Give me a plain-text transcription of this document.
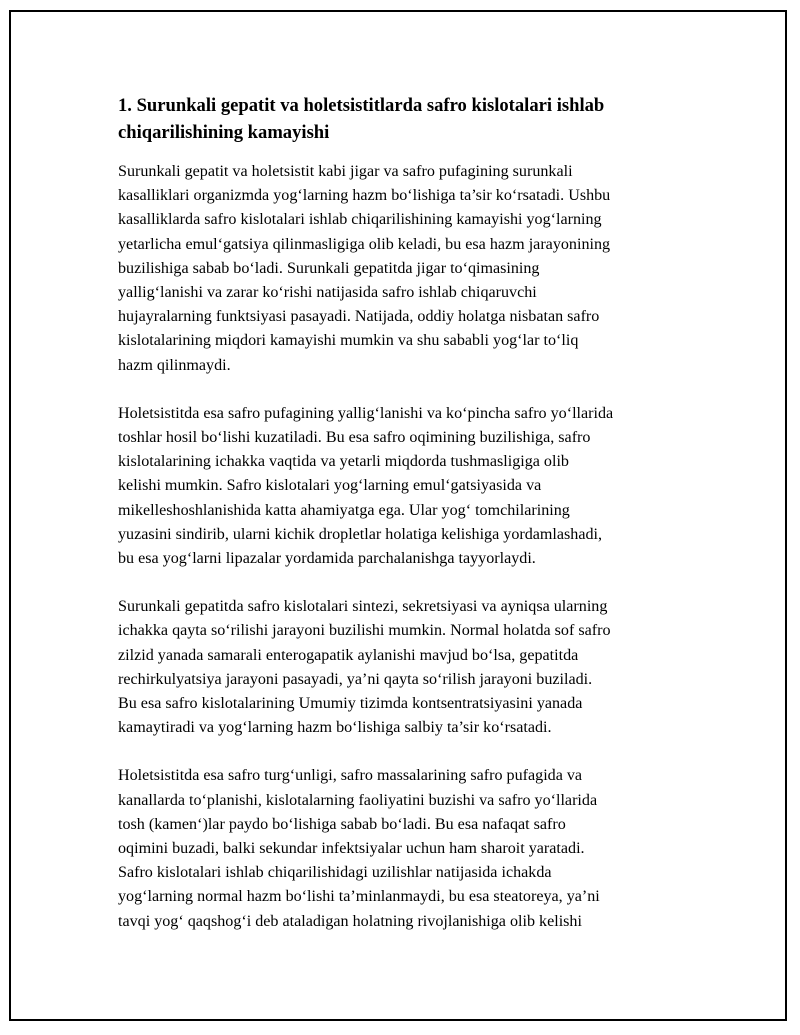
1. Surunkali gepatit va holetsistitlarda safro kislotalari ishlab
chiqarilishining kamayishi

Surunkali gepatit va holetsistit kabi jigar va safro pufagining surunkali
kasalliklari organizmda yog‘larning hazm bo‘lishiga ta’sir ko‘rsatadi. Ushbu
kasalliklarda safro kislotalari ishlab chiqarilishining kamayishi yog‘larning
yetarlicha emul‘gatsiya qilinmasligiga olib keladi, bu esa hazm jarayonining
buzilishiga sabab bo‘ladi. Surunkali gepatitda jigar to‘qimasining
yallig‘lanishi va zarar ko‘rishi natijasida safro ishlab chiqaruvchi
hujayralarning funktsiyasi pasayadi. Natijada, oddiy holatga nisbatan safro
kislotalarining miqdori kamayishi mumkin va shu sababli yog‘lar to‘liq
hazm qilinmaydi.

Holetsistitda esa safro pufagining yallig‘lanishi va ko‘pincha safro yo‘llarida
toshlar hosil bo‘lishi kuzatiladi. Bu esa safro oqimining buzilishiga, safro
kislotalarining ichakka vaqtida va yetarli miqdorda tushmasligiga olib
kelishi mumkin. Safro kislotalari yog‘larning emul‘gatsiyasida va
mikelleshoshlanishida katta ahamiyatga ega. Ular yog‘ tomchilarining
yuzasini sindirib, ularni kichik dropletlar holatiga kelishiga yordamlashadi,
bu esa yog‘larni lipazalar yordamida parchalanishga tayyorlaydi.

Surunkali gepatitda safro kislotalari sintezi, sekretsiyasi va ayniqsa ularning
ichakka qayta so‘rilishi jarayoni buzilishi mumkin. Normal holatda sof safro
zilzid yanada samarali enterogapatik aylanishi mavjud bo‘lsa, gepatitda
rechirkulyatsiya jarayoni pasayadi, ya’ni qayta so‘rilish jarayoni buziladi.
Bu esa safro kislotalarining Umumiy tizimda kontsentratsiyasini yanada
kamaytiradi va yog‘larning hazm bo‘lishiga salbiy ta’sir ko‘rsatadi.

Holetsistitda esa safro turg‘unligi, safro massalarining safro pufagida va
kanallarda to‘planishi, kislotalarning faoliyatini buzishi va safro yo‘llarida
tosh (kamen‘)lar paydo bo‘lishiga sabab bo‘ladi. Bu esa nafaqat safro
oqimini buzadi, balki sekundar infektsiyalar uchun ham sharoit yaratadi.
Safro kislotalari ishlab chiqarilishidagi uzilishlar natijasida ichakda
yog‘larning normal hazm bo‘lishi ta’minlanmaydi, bu esa steatoreya, ya’ni
tavqi yog‘ qaqshog‘i deb ataladigan holatning rivojlanishiga olib kelishi
